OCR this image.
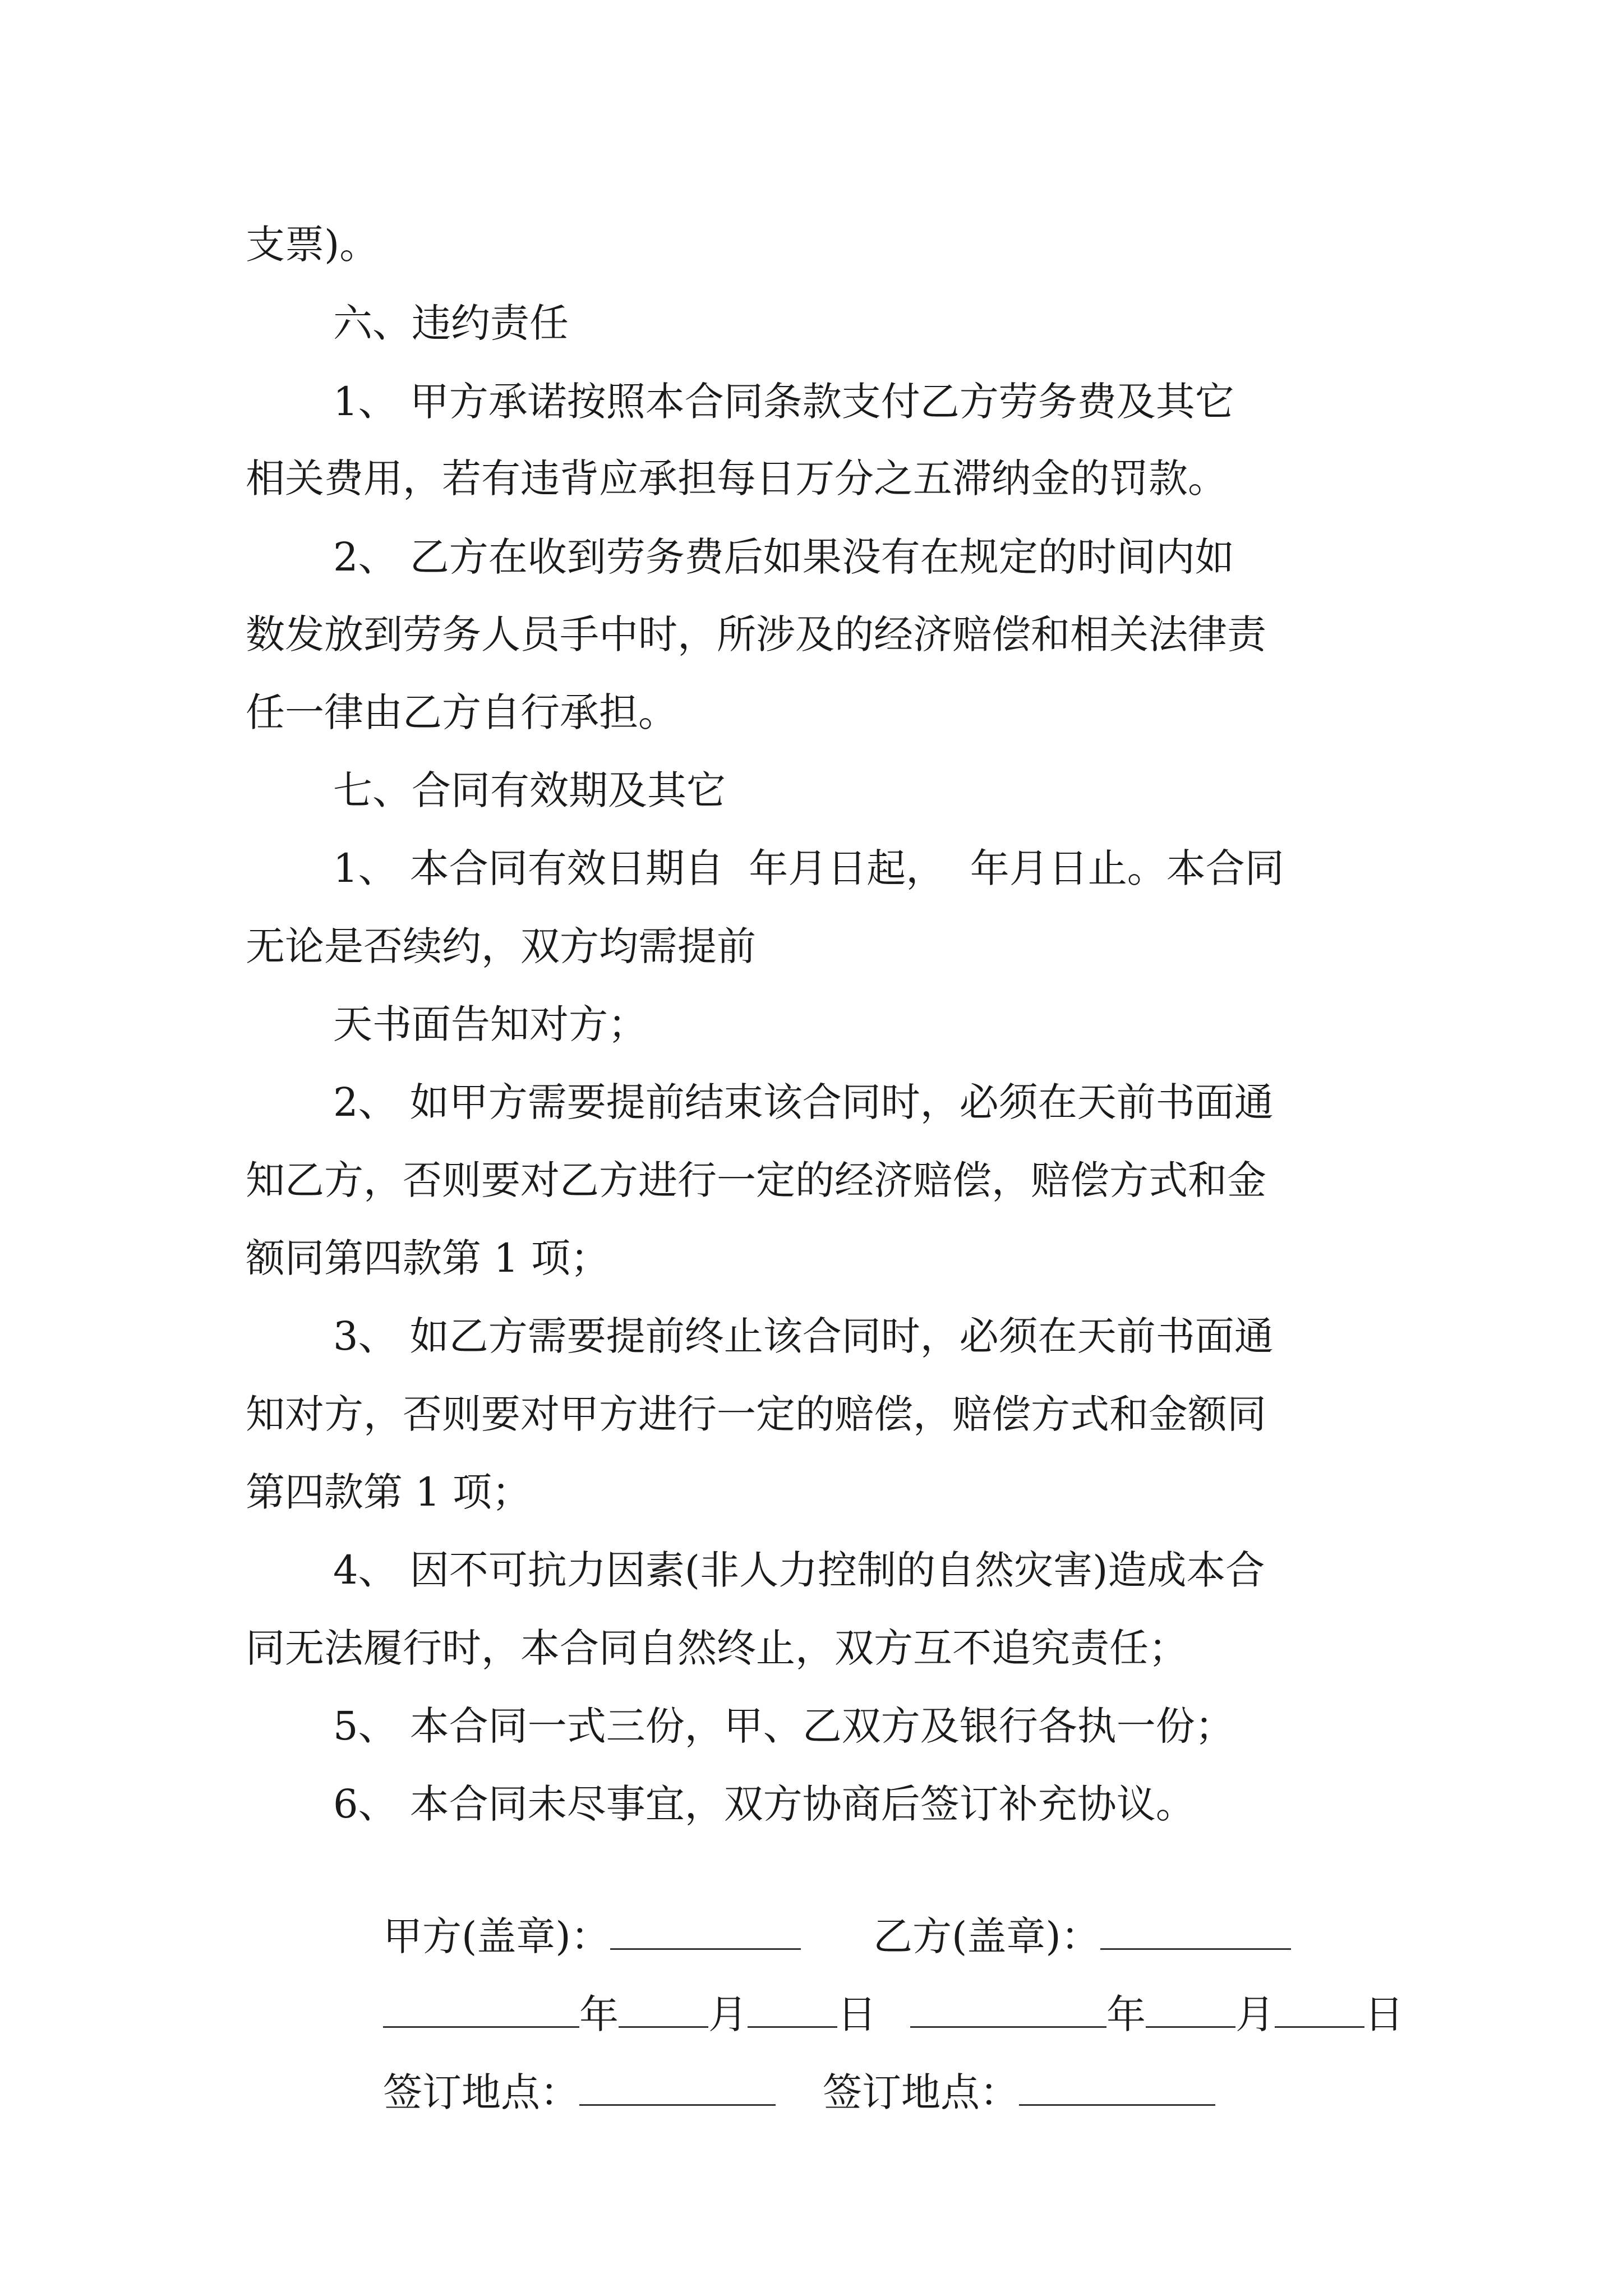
支票)。
六、违约责任
1、 甲方承诺按照本合同条款支付乙方劳务费及其它
相关费用，若有违背应承担每日万分之五滞纳金的罚款。
2、 乙方在收到劳务费后如果没有在规定的时间内如
数发放到劳务人员手中时，所涉及的经济赔偿和相关法律责
任一律由乙方自行承担。
七、合同有效期及其它
1、 本合同有效日期自  年月日起，  年月日止。本合同
无论是否续约，双方均需提前
天书面告知对方；
2、 如甲方需要提前结束该合同时，必须在天前书面通
知乙方，否则要对乙方进行一定的经济赔偿，赔偿方式和金
额同第四款第 1 项；
3、 如乙方需要提前终止该合同时，必须在天前书面通
知对方，否则要对甲方进行一定的赔偿，赔偿方式和金额同
第四款第 1 项；
4、 因不可抗力因素(非人力控制的自然灾害)造成本合
同无法履行时，本合同自然终止，双方互不追究责任；
5、 本合同一式三份，甲、乙双方及银行各执一份；
6、 本合同未尽事宜，双方协商后签订补充协议。

甲方(盖章)：
	乙方(盖章)：

年 月 日
	年 月 日

签订地点：
	签订地点：
